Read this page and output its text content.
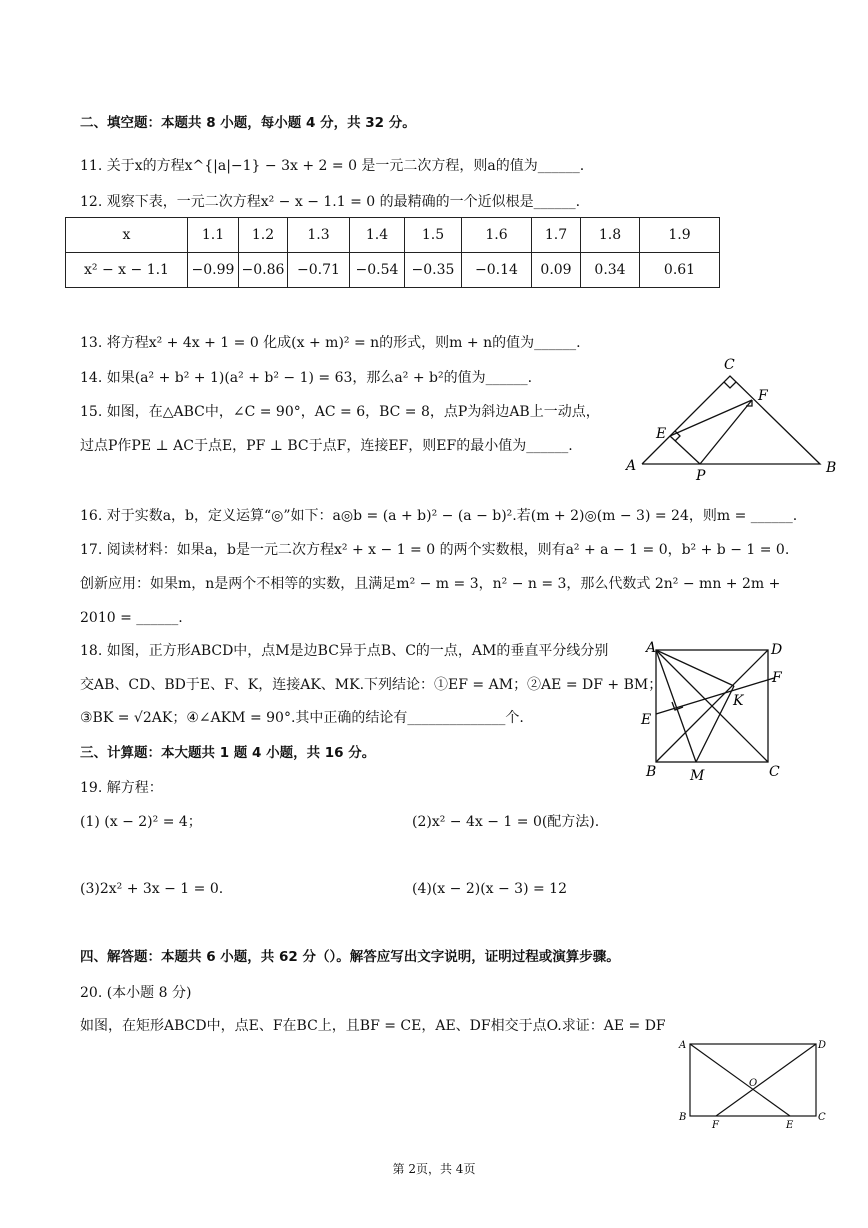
二、填空题：本题共 8 小题，每小题 4 分，共 32 分。
11. 关于x的方程x^{|a|−1} − 3x + 2 = 0 是一元二次方程，则a的值为______.
12. 观察下表，一元二次方程x² − x − 1.1 = 0 的最精确的一个近似根是______.
x	1.1	1.2	1.3	1.4	1.5	1.6	1.7	1.8	1.9
x² − x − 1.1	−0.99	−0.86	−0.71	−0.54	−0.35	−0.14	0.09	0.34	0.61
13. 将方程x² + 4x + 1 = 0 化成(x + m)² = n的形式，则m + n的值为______.
14. 如果(a² + b² + 1)(a² + b² − 1) = 63，那么a² + b²的值为______.
15. 如图，在△ABC中，∠C = 90°，AC = 6，BC = 8，点P为斜边AB上一动点，
过点P作PE ⊥ AC于点E，PF ⊥ BC于点F，连接EF，则EF的最小值为______.
A	B
C
E
F
P
16. 对于实数a，b，定义运算“◎”如下：a◎b = (a + b)² − (a − b)².若(m + 2)◎(m − 3) = 24，则m = ______.
17. 阅读材料：如果a，b是一元二次方程x² + x − 1 = 0 的两个实数根，则有a² + a − 1 = 0，b² + b − 1 = 0.
创新应用：如果m，n是两个不相等的实数，且满足m² − m = 3，n² − n = 3，那么代数式 2n² − mn + 2m +
2010 = ______.
18. 如图，正方形ABCD中，点M是边BC异于点B、C的一点，AM的垂直平分线分别
交AB、CD、BD于E、F、K，连接AK、MK.下列结论：①EF = AM；②AE = DF + BM；
③BK = √2AK；④∠AKM = 90°.其中正确的结论有______________个.
A	D
B	C
E
F
K
M
三、计算题：本大题共 1 题 4 小题，共 16 分。
19. 解方程：
(1) (x − 2)² = 4；	(2)x² − 4x − 1 = 0(配方法).
(3)2x² + 3x − 1 = 0.	(4)(x − 2)(x − 3) = 12
四、解答题：本题共 6 小题，共 62 分（）。解答应写出文字说明，证明过程或演算步骤。
20. (本小题 8 分)
如图，在矩形ABCD中，点E、F在BC上，且BF = CE，AE、DF相交于点O.求证：AE = DF
A	D
B	C
F	E
O
第 2页，共 4页
